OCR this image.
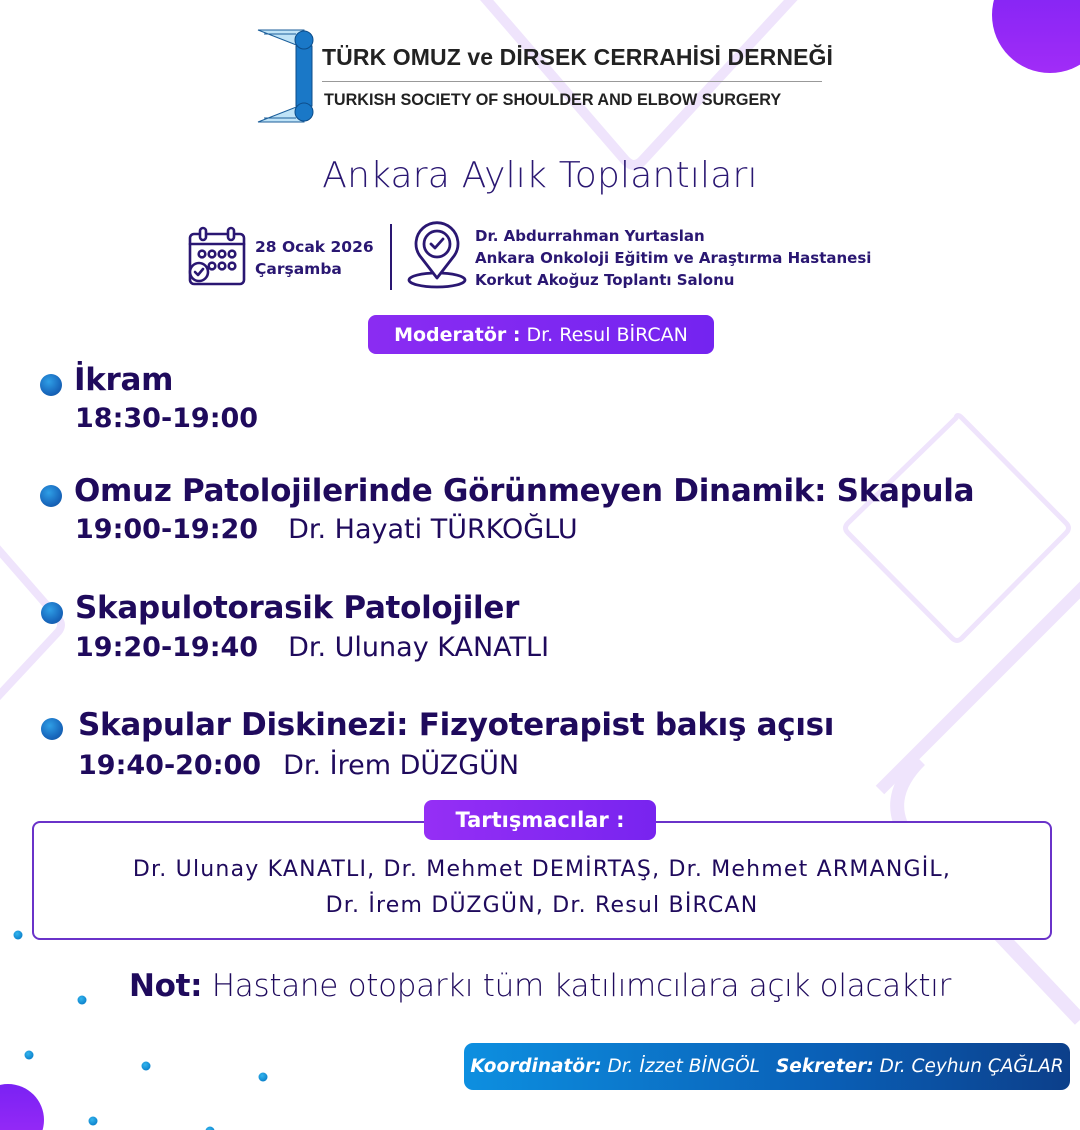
TÜRK OMUZ ve DİRSEK CERRAHİSİ DERNEĞİ
TURKISH SOCIETY OF SHOULDER AND ELBOW SURGERY
Ankara Aylık Toplantıları
28 Ocak 2026
Çarşamba
Dr. Abdurrahman Yurtaslan
Ankara Onkoloji Eğitim ve Araştırma Hastanesi
Korkut Akoğuz Toplantı Salonu
Moderatör : Dr. Resul BİRCAN
İkram
18:30-19:00
Omuz Patolojilerinde Görünmeyen Dinamik: Skapula
19:00-19:20 Dr. Hayati TÜRKOĞLU
Skapulotorasik Patolojiler
19:20-19:40 Dr. Ulunay KANATLI
Skapular Diskinezi: Fizyoterapist bakış açısı
19:40-20:00 Dr. İrem DÜZGÜN
Tartışmacılar :
Dr. Ulunay KANATLI, Dr. Mehmet DEMİRTAŞ, Dr. Mehmet ARMANGİL,
Dr. İrem DÜZGÜN, Dr. Resul BİRCAN
Not: Hastane otoparkı tüm katılımcılara açık olacaktır
Koordinatör:
Dr. İzzet BİNGÖL Sekreter:
Dr. Ceyhun ÇAĞLAR
